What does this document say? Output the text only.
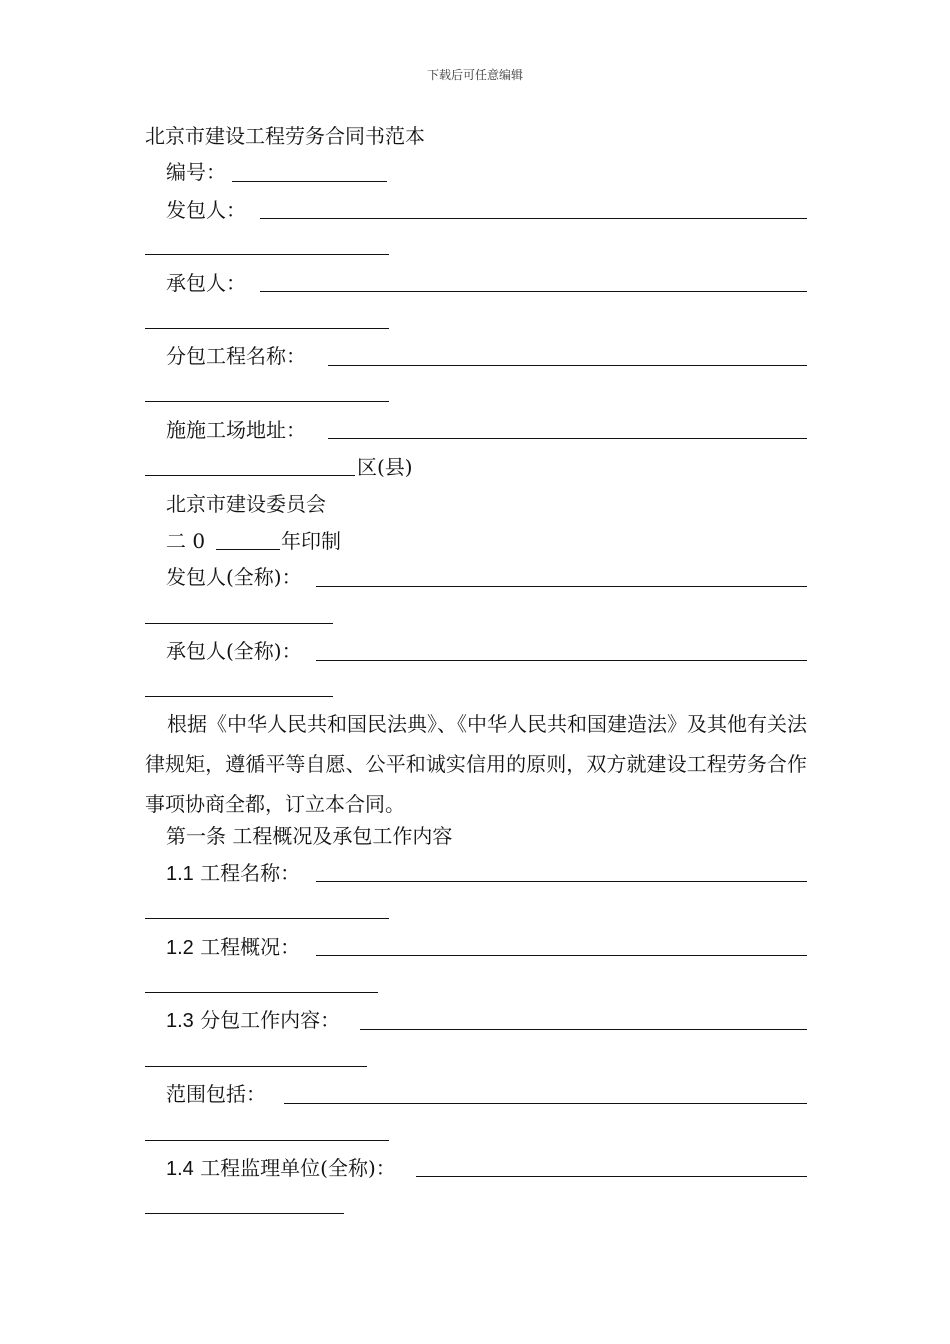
下载后可任意编辑
北京市建设工程劳务合同书范本
编号：
发包人：
承包人：
分包工程名称：
施施工场地址：
区(县)
北京市建设委员会
二 0	年印制
发包人(全称)：
承包人(全称)：
根据《中华人民共和国民法典》、《中华人民共和国建造法》及其他有关法律规矩，遵循平等自愿、公平和诚实信用的原则，双方就建设工程劳务合作事项协商全都，订立本合同。
第一条 工程概况及承包工作内容
1.1 工程名称：
1.2 工程概况：
1.3 分包工作内容：
范围包括：
1.4 工程监理单位(全称)：
